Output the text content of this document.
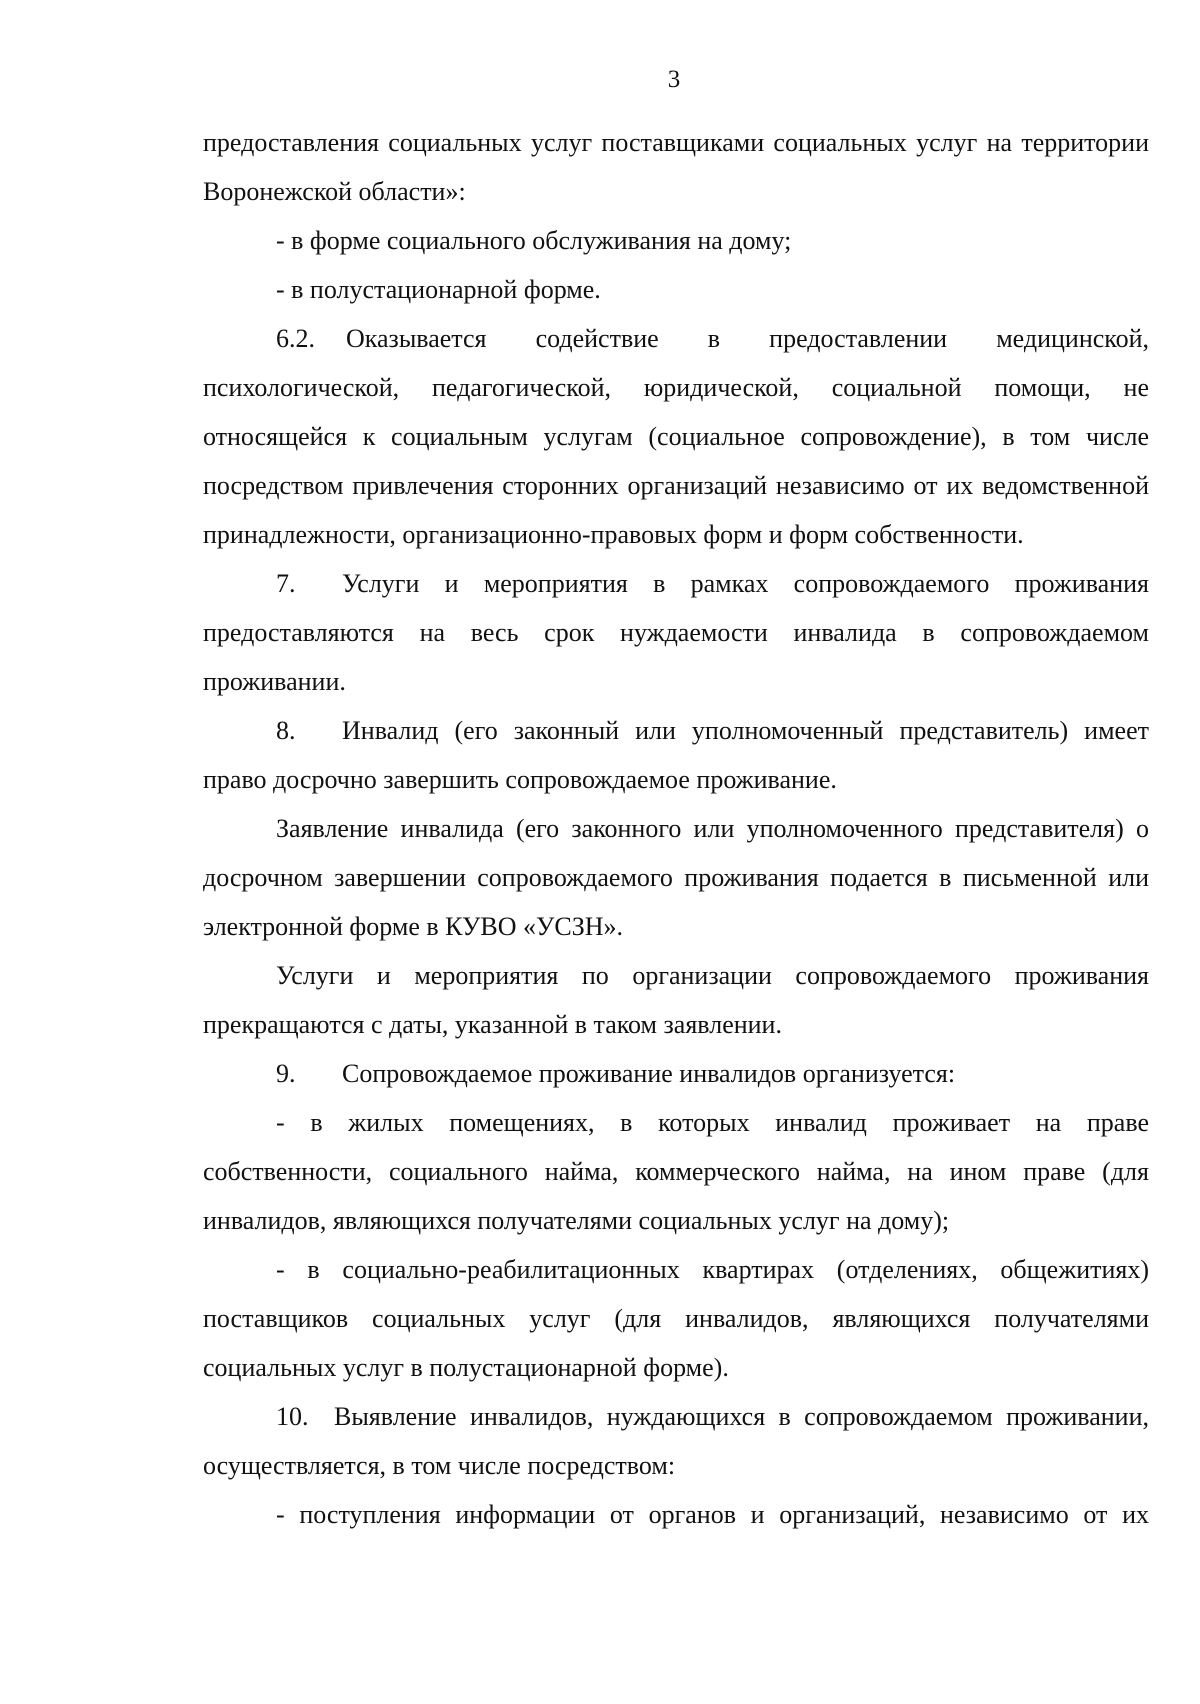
3

предоставления социальных услуг поставщиками социальных услуг на территории Воронежской области»:

- в форме социального обслуживания на дому;

- в полустационарной форме.

6.2. Оказывается содействие в предоставлении медицинской, психологической, педагогической, юридической, социальной помощи, не относящейся к социальным услугам (социальное сопровождение), в том числе посредством привлечения сторонних организаций независимо от их ведомственной принадлежности, организационно-правовых форм и форм собственности.

7. Услуги и мероприятия в рамках сопровождаемого проживания предоставляются на весь срок нуждаемости инвалида в сопровождаемом проживании.

8. Инвалид (его законный или уполномоченный представитель) имеет право досрочно завершить сопровождаемое проживание.

Заявление инвалида (его законного или уполномоченного представителя) о досрочном завершении сопровождаемого проживания подается в письменной или электронной форме в КУВО «УСЗН».

Услуги и мероприятия по организации сопровождаемого проживания прекращаются с даты, указанной в таком заявлении.

9. Сопровождаемое проживание инвалидов организуется:

- в жилых помещениях, в которых инвалид проживает на праве собственности, социального найма, коммерческого найма, на ином праве (для инвалидов, являющихся получателями социальных услуг на дому);

- в социально-реабилитационных квартирах (отделениях, общежитиях) поставщиков социальных услуг (для инвалидов, являющихся получателями социальных услуг в полустационарной форме).

10. Выявление инвалидов, нуждающихся в сопровождаемом проживании, осуществляется, в том числе посредством:

- поступления информации от органов и организаций, независимо от их
